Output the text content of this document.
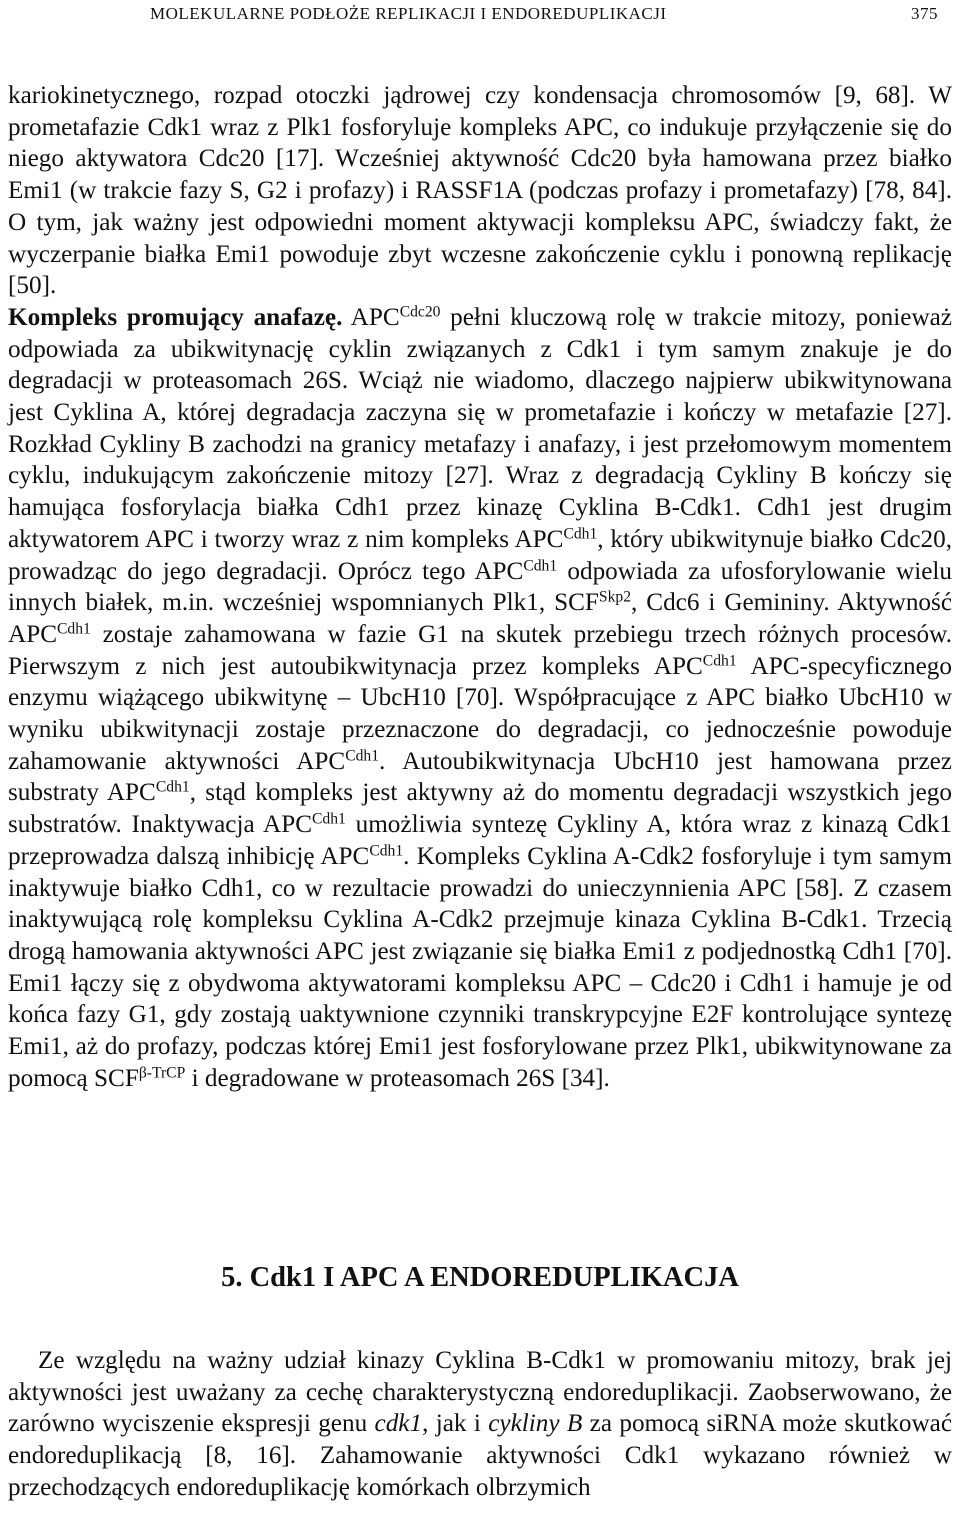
MOLEKULARNE PODŁOŻE REPLIKACJI I ENDOREDUPLIKACJI	375

kariokinetycznego, rozpad otoczki jądrowej czy kondensacja chromosomów [9, 68]. W prometafazie Cdk1 wraz z Plk1 fosforyluje kompleks APC, co indukuje przyłączenie się do niego aktywatora Cdc20 [17]. Wcześniej aktywność Cdc20 była hamowana przez białko Emi1 (w trakcie fazy S, G2 i profazy) i RASSF1A (podczas profazy i prometafazy) [78, 84]. O tym, jak ważny jest odpowiedni moment aktywacji kompleksu APC, świadczy fakt, że wyczerpanie białka Emi1 powoduje zbyt wczesne zakończenie cyklu i ponowną replikację [50].

Kompleks promujący anafazę. $APC^{Cdc20}$ pełni kluczową rolę w trakcie mitozy, ponieważ odpowiada za ubikwitynację cyklin związanych z Cdk1 i tym samym znakuje je do degradacji w proteasomach 26S. Wciąż nie wiadomo, dlaczego najpierw ubikwitynowana jest Cyklina A, której degradacja zaczyna się w prometafazie i kończy w metafazie [27]. Rozkład Cykliny B zachodzi na granicy metafazy i anafazy, i jest przełomowym momentem cyklu, indukującym zakończenie mitozy [27]. Wraz z degradacją Cykliny B kończy się hamująca fosforylacja białka Cdh1 przez kinazę Cyklina B-Cdk1. Cdh1 jest drugim aktywatorem APC i tworzy wraz z nim kompleks $APC^{Cdh1}$, który ubikwitynuje białko Cdc20, prowadząc do jego degradacji. Oprócz tego $APC^{Cdh1}$ odpowiada za ufosforylowanie wielu innych białek, m.in. wcześniej wspomnianych Plk1, $SCF^{Skp2}$, Cdc6 i Gemininy. Aktywność $APC^{Cdh1}$ zostaje zahamowana w fazie G1 na skutek przebiegu trzech różnych procesów. Pierwszym z nich jest autoubikwitynacja przez kompleks $APC^{Cdh1}$ APC-specyficznego enzymu wiążącego ubikwitynę – UbcH10 [70]. Współpracujące z APC białko UbcH10 w wyniku ubikwitynacji zostaje przeznaczone do degradacji, co jednocześnie powoduje zahamowanie aktywności $APC^{Cdh1}$. Autoubikwitynacja UbcH10 jest hamowana przez substraty $APC^{Cdh1}$, stąd kompleks jest aktywny aż do momentu degradacji wszystkich jego substratów. Inaktywacja $APC^{Cdh1}$ umożliwia syntezę Cykliny A, która wraz z kinazą Cdk1 przeprowadza dalszą inhibicję $APC^{Cdh1}$. Kompleks Cyklina A-Cdk2 fosforyluje i tym samym inaktywuje białko Cdh1, co w rezultacie prowadzi do unieczynnienia APC [58]. Z czasem inaktywującą rolę kompleksu Cyklina A-Cdk2 przejmuje kinaza Cyklina B-Cdk1. Trzecią drogą hamowania aktywności APC jest związanie się białka Emi1 z podjednostką Cdh1 [70]. Emi1 łączy się z obydwoma aktywatorami kompleksu APC – Cdc20 i Cdh1 i hamuje je od końca fazy G1, gdy zostają uaktywnione czynniki transkrypcyjne E2F kontrolujące syntezę Emi1, aż do profazy, podczas której Emi1 jest fosforylowane przez Plk1, ubikwitynowane za pomocą $SCF^{\beta-TrCP}$ i degradowane w proteasomach 26S [34].

5. Cdk1 I APC A ENDOREDUPLIKACJA

Ze względu na ważny udział kinazy Cyklina B-Cdk1 w promowaniu mitozy, brak jej aktywności jest uważany za cechę charakterystyczną endoreduplikacji. Zaobserwowano, że zarówno wyciszenie ekspresji genu cdk1, jak i cykliny B za pomocą siRNA może skutkować endoreduplikacją [8, 16]. Zahamowanie aktywności Cdk1 wykazano również w przechodzących endoreduplikację komórkach olbrzymich
